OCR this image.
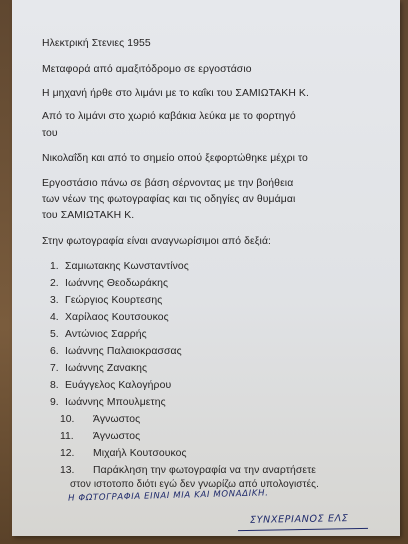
Ηλεκτρική Στενιες 1955
Μεταφορά από αμαξιτόδρομο σε εργοστάσιο
Η μηχανή ήρθε στο λιμάνι με το καΐκι του ΣΑΜΙΩΤΑΚΗ Κ.
Από το λιμάνι στο χωριό καβάκια λεύκα με το φορτηγό
του
Νικολαΐδη και από το σημείο οπού ξεφορτώθηκε μέχρι το
Εργοστάσιο πάνω σε βάση σέρνοντας με την βοήθεια
των νέων της φωτογραφίας και τις οδηγίες αν θυμάμαι
του ΣΑΜΙΩΤΑΚΗ Κ.
Στην φωτογραφία είναι αναγνωρίσιμοι από δεξιά:
1. Σαμιωτακης Κωνσταντίνος
2. Ιωάννης Θεοδωράκης
3. Γεώργιος Κουρτεσης
4. Χαρίλαος Κουτσουκος
5. Αντώνιος Σαρρής
6. Ιωάννης Παλαιοκρασσας
7. Ιωάννης Ζανακης
8. Ευάγγελος Καλογήρου
9. Ιωάννης Μπουλμετης
10. Άγνωστος
11. Άγνωστος
12. Μιχαήλ Κουτσουκος
13. Παράκληση την φωτογραφία να την αναρτήσετε
στον ιστοτοπο διότι εγώ δεν γνωρίζω από υπολογιστές.
Η ΦΩΤΟΓΡΑΦΙΑ ΕΙΝΑΙ ΜΙΑ ΚΑΙ ΜΟΝΑΔΙΚΗ.
ΣΥΝΧΕΡΙΑΝΟΣ ΕΛΣ
